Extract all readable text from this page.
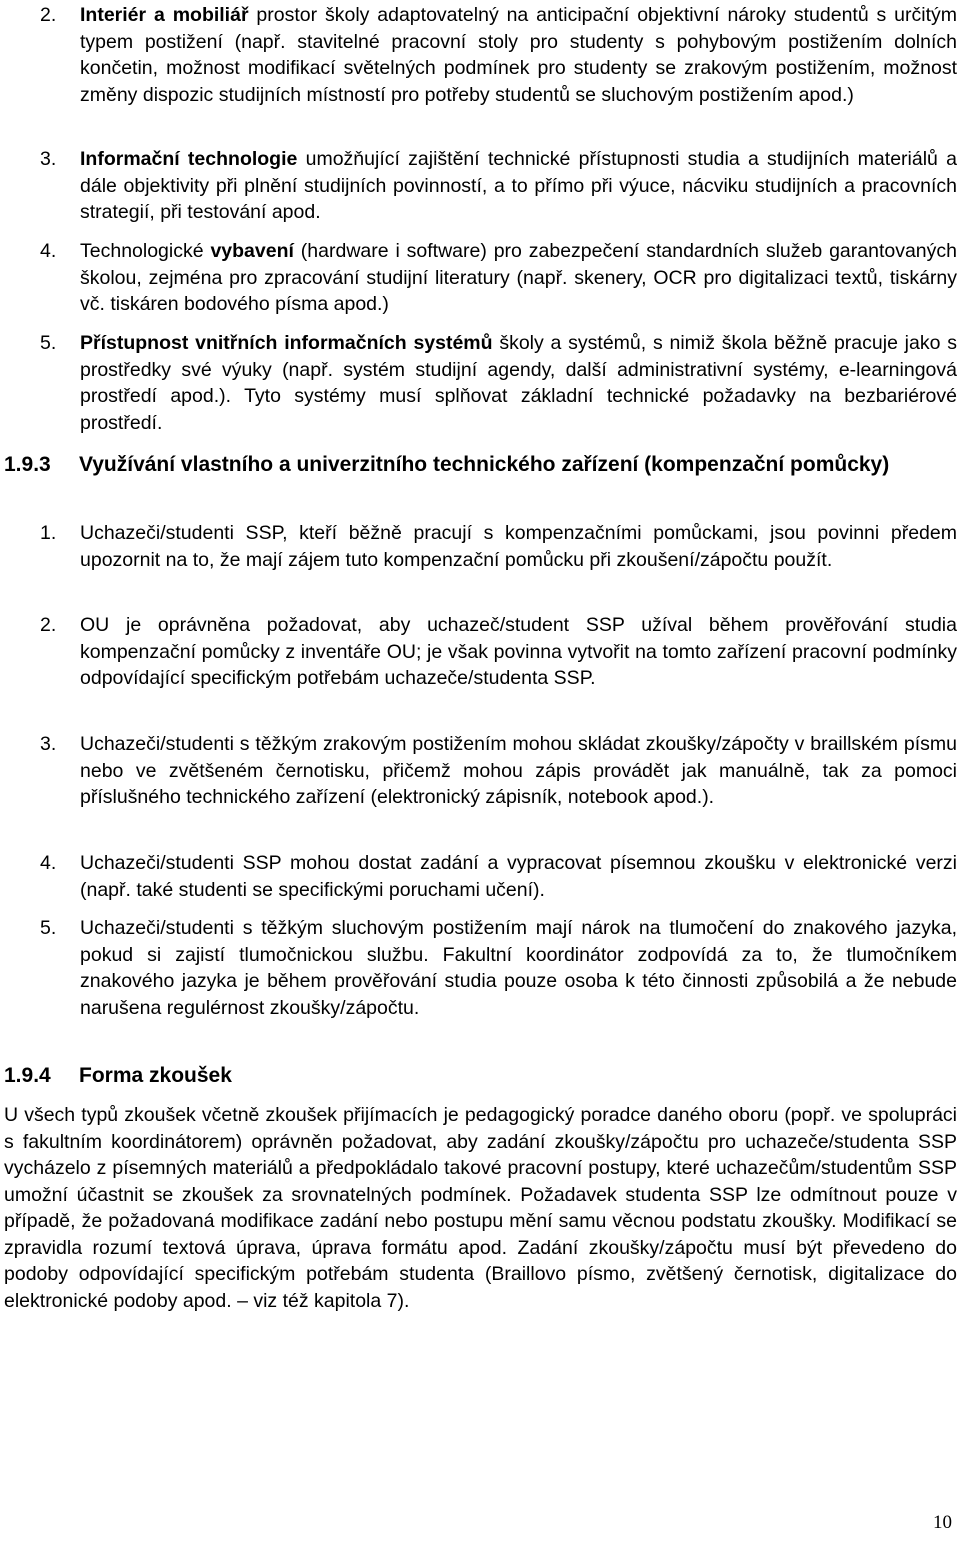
2. Interiér a mobiliář prostor školy adaptovatelný na anticipační objektivní nároky studentů s určitým typem postižení (např. stavitelné pracovní stoly pro studenty s pohybovým postižením dolních končetin, možnost modifikací světelných podmínek pro studenty se zrakovým postižením, možnost změny dispozic studijních místností pro potřeby studentů se sluchovým postižením apod.)
3. Informační technologie umožňující zajištění technické přístupnosti studia a studijních materiálů a dále objektivity při plnění studijních povinností, a to přímo při výuce, nácviku studijních a pracovních strategií, při testování apod.
4. Technologické vybavení (hardware i software) pro zabezpečení standardních služeb garantovaných školou, zejména pro zpracování studijní literatury (např. skenery, OCR pro digitalizaci textů, tiskárny vč. tiskáren bodového písma apod.)
5. Přístupnost vnitřních informačních systémů školy a systémů, s nimiž škola běžně pracuje jako s prostředky své výuky (např. systém studijní agendy, další administrativní systémy, e-learningová prostředí apod.). Tyto systémy musí splňovat základní technické požadavky na bezbariérové prostředí.
1.9.3 Využívání vlastního a univerzitního technického zařízení (kompenzační pomůcky)
1. Uchazeči/studenti SSP, kteří běžně pracují s kompenzačními pomůckami, jsou povinni předem upozornit na to, že mají zájem tuto kompenzační pomůcku při zkoušení/zápočtu použít.
2. OU je oprávněna požadovat, aby uchazeč/student SSP užíval během prověřování studia kompenzační pomůcky z inventáře OU; je však povinna vytvořit na tomto zařízení pracovní podmínky odpovídající specifickým potřebám uchazeče/studenta SSP.
3. Uchazeči/studenti s těžkým zrakovým postižením mohou skládat zkoušky/zápočty v braillském písmu nebo ve zvětšeném černotisku, přičemž mohou zápis provádět jak manuálně, tak za pomoci příslušného technického zařízení (elektronický zápisník, notebook apod.).
4. Uchazeči/studenti SSP mohou dostat zadání a vypracovat písemnou zkoušku v elektronické verzi (např. také studenti se specifickými poruchami učení).
5. Uchazeči/studenti s těžkým sluchovým postižením mají nárok na tlumočení do znakového jazyka, pokud si zajistí tlumočnickou službu. Fakultní koordinátor zodpovídá za to, že tlumočníkem znakového jazyka je během prověřování studia pouze osoba k této činnosti způsobilá a že nebude narušena regulérnost zkoušky/zápočtu.
1.9.4 Forma zkoušek
U všech typů zkoušek včetně zkoušek přijímacích je pedagogický poradce daného oboru (popř. ve spolupráci s fakultním koordinátorem) oprávněn požadovat, aby zadání zkoušky/zápočtu pro uchazeče/studenta SSP vycházelo z písemných materiálů a předpokládalo takové pracovní postupy, které uchazečům/studentům SSP umožní účastnit se zkoušek za srovnatelných podmínek. Požadavek studenta SSP lze odmítnout pouze v případě, že požadovaná modifikace zadání nebo postupu mění samu věcnou podstatu zkoušky. Modifikací se zpravidla rozumí textová úprava, úprava formátu apod. Zadání zkoušky/zápočtu musí být převedeno do podoby odpovídající specifickým potřebám studenta (Braillovo písmo, zvětšený černotisk, digitalizace do elektronické podoby apod. – viz též kapitola 7).
10
